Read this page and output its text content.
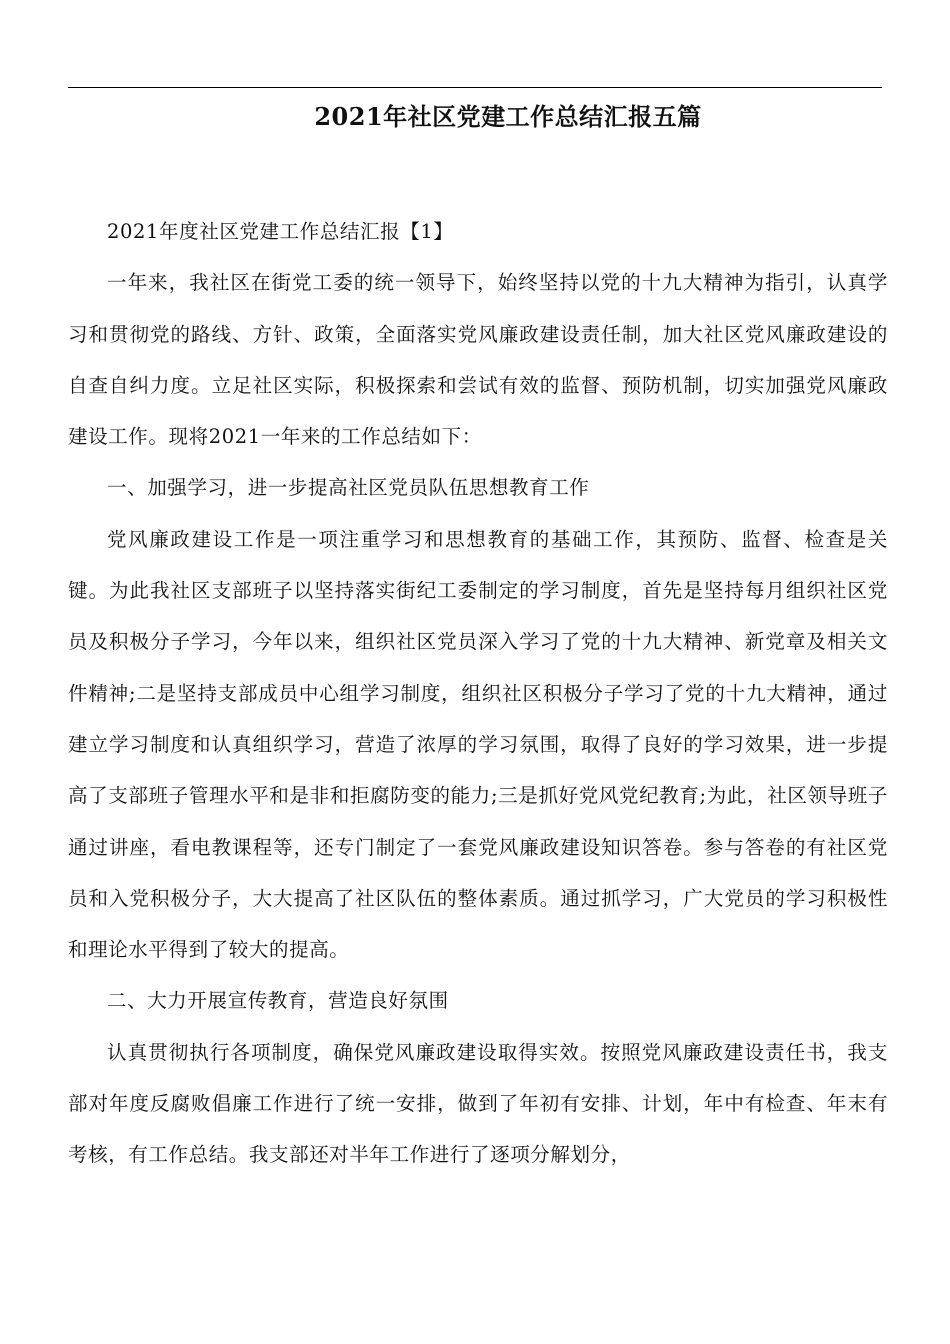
2021年社区党建工作总结汇报五篇

2021年度社区党建工作总结汇报【1】

一年来，我社区在街党工委的统一领导下，始终坚持以党的十九大精神为指引，认真学习和贯彻党的路线、方针、政策，全面落实党风廉政建设责任制，加大社区党风廉政建设的自查自纠力度。立足社区实际，积极探索和尝试有效的监督、预防机制，切实加强党风廉政建设工作。现将2021一年来的工作总结如下：

一、加强学习，进一步提高社区党员队伍思想教育工作

党风廉政建设工作是一项注重学习和思想教育的基础工作，其预防、监督、检查是关键。为此我社区支部班子以坚持落实街纪工委制定的学习制度，首先是坚持每月组织社区党员及积极分子学习，今年以来，组织社区党员深入学习了党的十九大精神、新党章及相关文件精神;二是坚持支部成员中心组学习制度，组织社区积极分子学习了党的十九大精神，通过建立学习制度和认真组织学习，营造了浓厚的学习氛围，取得了良好的学习效果，进一步提高了支部班子管理水平和是非和拒腐防变的能力;三是抓好党风党纪教育;为此，社区领导班子通过讲座，看电教课程等，还专门制定了一套党风廉政建设知识答卷。参与答卷的有社区党员和入党积极分子，大大提高了社区队伍的整体素质。通过抓学习，广大党员的学习积极性和理论水平得到了较大的提高。

二、大力开展宣传教育，营造良好氛围

认真贯彻执行各项制度，确保党风廉政建设取得实效。按照党风廉政建设责任书，我支部对年度反腐败倡廉工作进行了统一安排，做到了年初有安排、计划，年中有检查、年末有考核，有工作总结。我支部还对半年工作进行了逐项分解划分，
